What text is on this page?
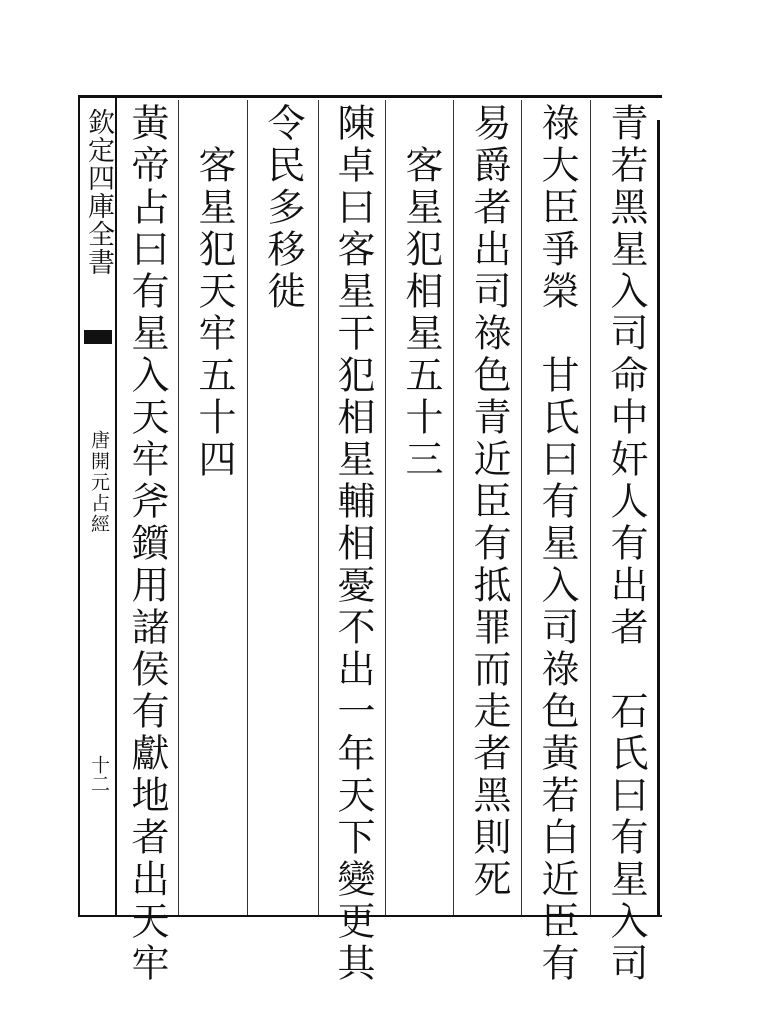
欽定四庫全書
唐開元占經
十二	青若黑星入司命中奸人有出者　石氏曰有星入司
祿大臣爭榮　甘氏曰有星入司祿色黃若白近臣有
易爵者出司祿色青近臣有抵罪而走者黑則死
　客星犯相星五十三
陳卓曰客星干犯相星輔相憂不出一年天下變更其
令民多移徙
　客星犯天牢五十四
黃帝占曰有星入天牢斧鑕用諸侯有獻地者出天牢
